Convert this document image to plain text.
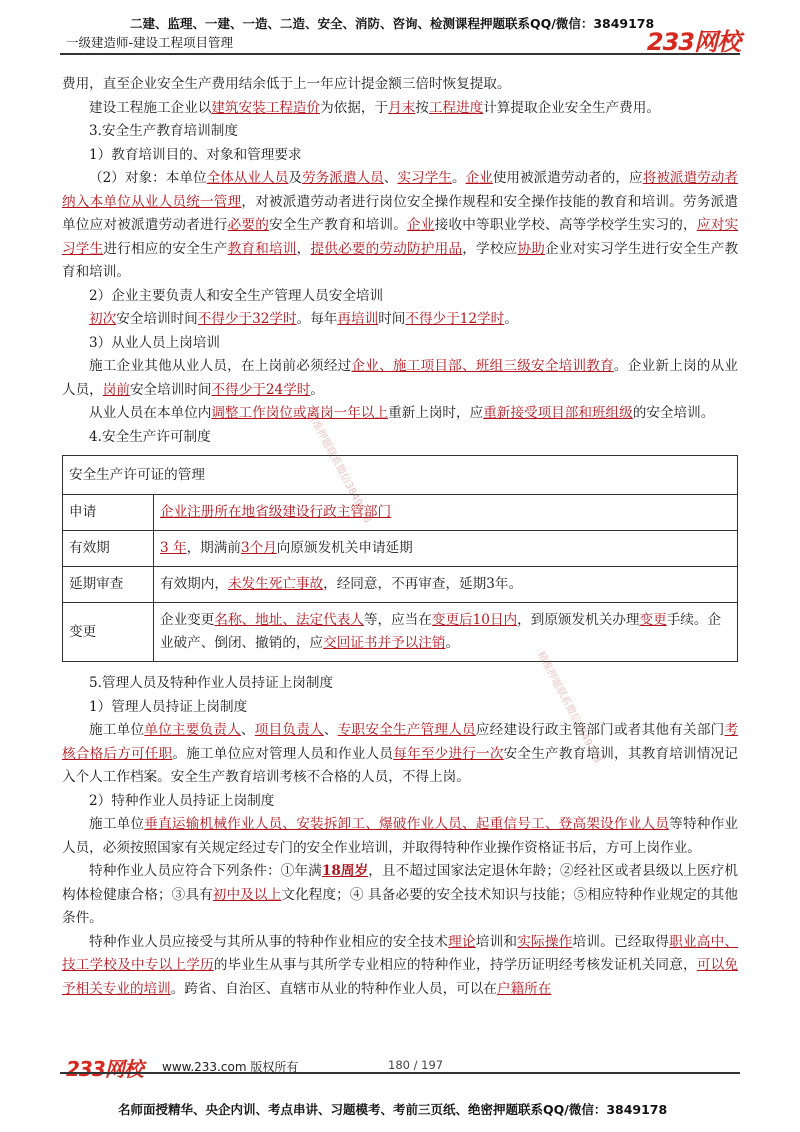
二建、监理、一建、一造、二造、安全、消防、咨询、检测课程押题联系QQ/微信：3849178
一级建造师-建设工程项目管理	233网校
精准押题联系微信3849178
精准押题联系微信3849178

费用，直至企业安全生产费用结余低于上一年应计提金额三倍时恢复提取。

建设工程施工企业以建筑安装工程造价为依据，于月末按工程进度计算提取企业安全生产费用。

3.安全生产教育培训制度

1）教育培训目的、对象和管理要求

（2）对象：本单位全体从业人员及劳务派遣人员、实习学生。企业使用被派遣劳动者的，应将被派遣劳动者纳入本单位从业人员统一管理，对被派遣劳动者进行岗位安全操作规程和安全操作技能的教育和培训。劳务派遣单位应对被派遣劳动者进行必要的安全生产教育和培训。企业接收中等职业学校、高等学校学生实习的，应对实习学生进行相应的安全生产教育和培训，提供必要的劳动防护用品，学校应协助企业对实习学生进行安全生产教育和培训。

2）企业主要负责人和安全生产管理人员安全培训

初次安全培训时间不得少于32学时。每年再培训时间不得少于12学时。

3）从业人员上岗培训

施工企业其他从业人员，在上岗前必须经过企业、施工项目部、班组三级安全培训教育。企业新上岗的从业人员，岗前安全培训时间不得少于24学时。

从业人员在本单位内调整工作岗位或离岗一年以上重新上岗时，应重新接受项目部和班组级的安全培训。

4.安全生产许可制度

安全生产许可证的管理	
申请	企业注册所在地省级建设行政主管部门
有效期	3 年，期满前3个月向原颁发机关申请延期
延期审查	有效期内，未发生死亡事故，经同意，不再审查，延期3年。
变更	企业变更名称、地址、法定代表人等，应当在变更后10日内，到原颁发机关办理变更手续。企业破产、倒闭、撤销的，应交回证书并予以注销。

5.管理人员及特种作业人员持证上岗制度

1）管理人员持证上岗制度

施工单位单位主要负责人、项目负责人、专职安全生产管理人员应经建设行政主管部门或者其他有关部门考核合格后方可任职。施工单位应对管理人员和作业人员每年至少进行一次安全生产教育培训，其教育培训情况记入个人工作档案。安全生产教育培训考核不合格的人员，不得上岗。

2）特种作业人员持证上岗制度

施工单位垂直运输机械作业人员、安装拆卸工、爆破作业人员、起重信号工、登高架设作业人员等特种作业人员，必须按照国家有关规定经过专门的安全作业培训，并取得特种作业操作资格证书后，方可上岗作业。

特种作业人员应符合下列条件：①年满18周岁，且不超过国家法定退休年龄；②经社区或者县级以上医疗机构体检健康合格；③具有初中及以上文化程度；④ 具备必要的安全技术知识与技能；⑤相应特种作业规定的其他条件。

特种作业人员应接受与其所从事的特种作业相应的安全技术理论培训和实际操作培训。已经取得职业高中、技工学校及中专以上学历的毕业生从事与其所学专业相应的特种作业，持学历证明经考核发证机关同意，可以免予相关专业的培训。跨省、自治区、直辖市从业的特种作业人员，可以在户籍所在

233网校 www.233.com 版权所有	180 / 197
名师面授精华、央企内训、考点串讲、习题模考、考前三页纸、绝密押题联系QQ/微信：3849178
